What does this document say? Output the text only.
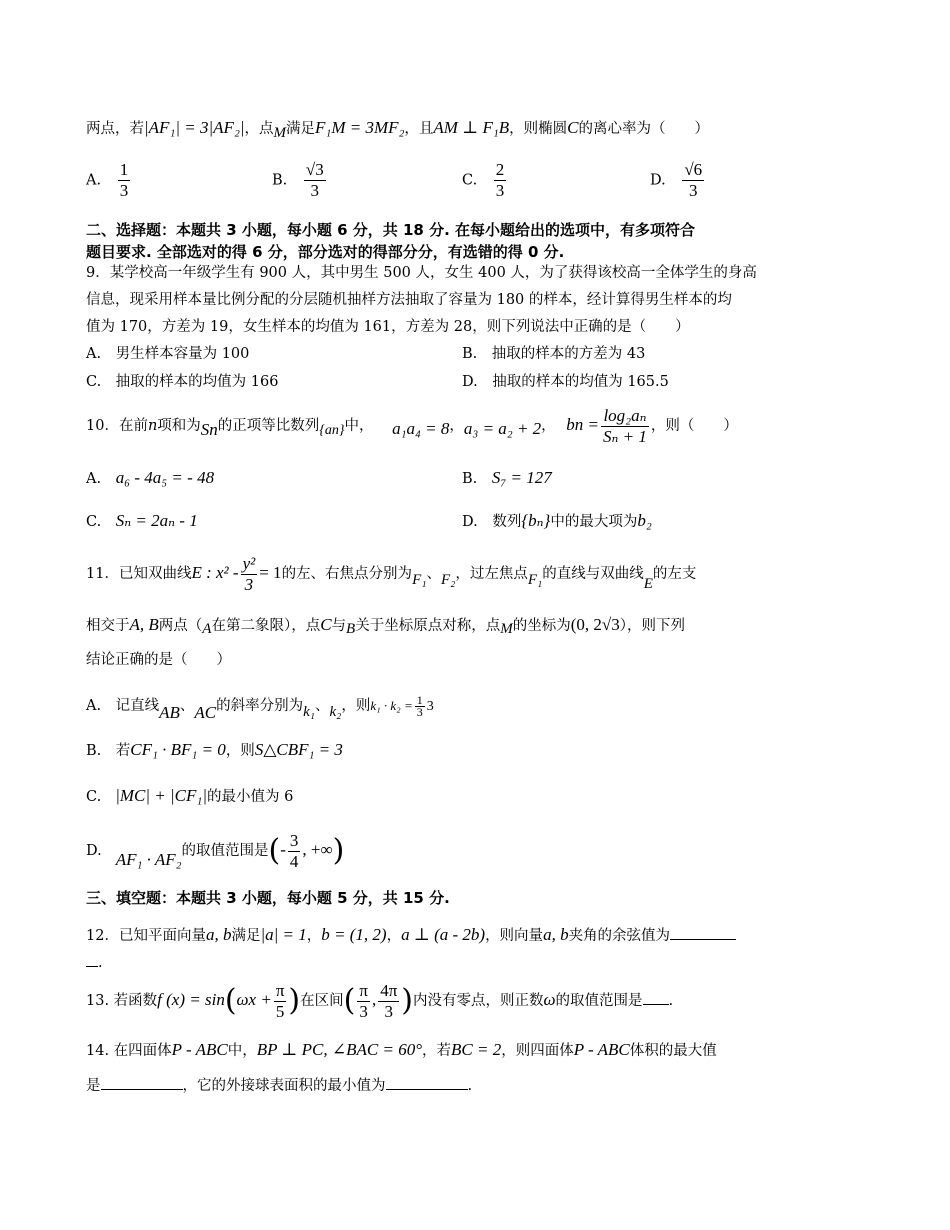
两点，若|AF₁| = 3|AF₂|，点M满足F₁M = 3MF₂，且AM ⊥ F₁B，则椭圆C的离心率为（　　）
A. $\frac{1}{3}$	B. $\frac{√3}{3}$	C. $\frac{2}{3}$	D. $\frac{√6}{3}$
二、选择题：本题共 3 小题，每小题 6 分，共 18 分. 在每小题给出的选项中，有多项符合
题目要求. 全部选对的得 6 分，部分选对的得部分分，有选错的得 0 分.
9．某学校高一年级学生有 900 人，其中男生 500 人，女生 400 人，为了获得该校高一全体学生的身高
信息，现采用样本量比例分配的分层随机抽样方法抽取了容量为 180 的样本，经计算得男生样本的均
值为 170，方差为 19，女生样本的均值为 161，方差为 28，则下列说法中正确的是（　　）
A.　男生样本容量为 100	B.　抽取的样本的方差为 43
C.　抽取的样本的均值为 166	D.　抽取的样本的均值为 165.5
10．在前n项和为Sn的正项等比数列{an}中， a₁a₄ = 8，a₃ = a₂ + 2， bn = $\frac{\text{log₂aₙ}}{\text{Sₙ + 1}}$ ，则（　　）
A. a₆ - 4a₅ = - 48	B. S₇ = 127
C. Sₙ = 2aₙ - 1	D. 数列{bₙ}中的最大项为b₂
11．已知双曲线E : $x^2 - \frac{\text{y²}}{3} = 1$的左、右焦点分别为F₁、F₂，过左焦点F₁的直线与双曲线E的左支
相交于A, B两点（A在第二象限），点C与B关于坐标原点对称，点M的坐标为(0, 2√3），则下列
结论正确的是（　　）
A.　记直线AB、AC的斜率分别为k₁、k₂，则$k_1 \cdot k_2 = \frac{1}{3} 3$
B.　若CF₁ · BF₁ = 0，则S△CBF₁ = 3
C. |MC| + |CF₁|的最小值为 6
D. AF₁ · AF₂的取值范围是(- $\frac{3}{4}$ , +∞)
三、填空题：本题共 3 小题，每小题 5 分，共 15 分.
12．已知平面向量a, b满足|a| = 1，b = (1, 2)，a ⊥ (a - 2b)，则向量a, b夹角的余弦值为
.
13. 若函数f $(x) = \sin(\omega x + \frac{\pi}{5}$ )在区间( $\frac{\pi}{3}$ , $\frac{4\pi}{3}$ )内没有零点，则正数ω的取值范围是 .
14. 在四面体P - ABC中，BP ⊥ PC, ∠BAC = 60°，若BC = 2，则四面体P - ABC体积的最大值
是	，它的外接球表面积的最小值为	.
